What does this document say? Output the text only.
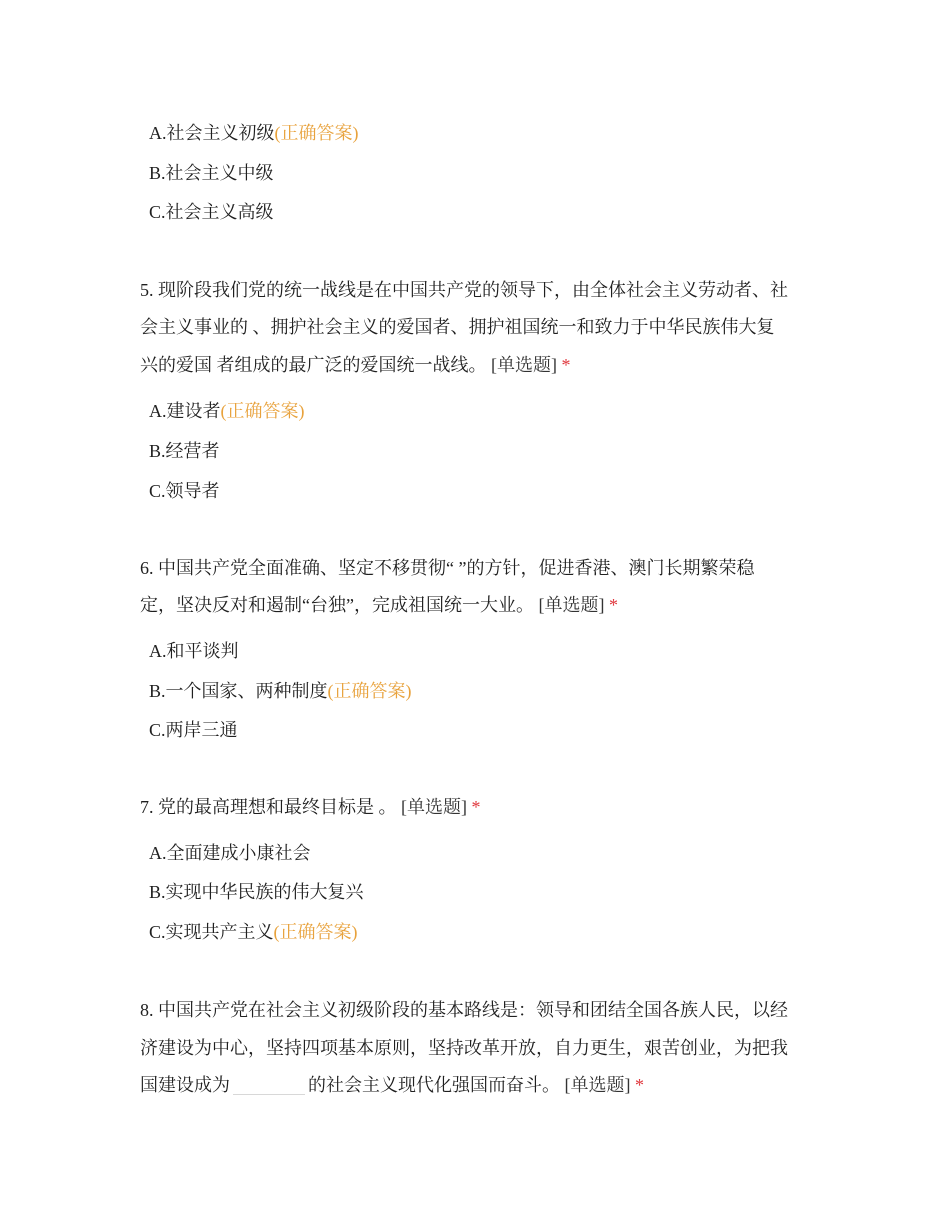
A.社会主义初级(正确答案)
B.社会主义中级
C.社会主义高级
5. 现阶段我们党的统一战线是在中国共产党的领导下，由全体社会主义劳动者、社
会主义事业的 、拥护社会主义的爱国者、拥护祖国统一和致力于中华民族伟大复
兴的爱国 者组成的最广泛的爱国统一战线。 [单选题] *
A.建设者(正确答案)
B.经营者
C.领导者
6. 中国共产党全面准确、坚定不移贯彻“ ”的方针，促进香港、澳门长期繁荣稳
定，坚决反对和遏制“台独”，完成祖国统一大业。 [单选题] *
A.和平谈判
B.一个国家、两种制度(正确答案)
C.两岸三通
7. 党的最高理想和最终目标是 。 [单选题] *
A.全面建成小康社会
B.实现中华民族的伟大复兴
C.实现共产主义(正确答案)
8. 中国共产党在社会主义初级阶段的基本路线是：领导和团结全国各族人民，以经
济建设为中心，坚持四项基本原则，坚持改革开放，自力更生，艰苦创业，为把我
国建设成为	的社会主义现代化强国而奋斗。 [单选题] *
